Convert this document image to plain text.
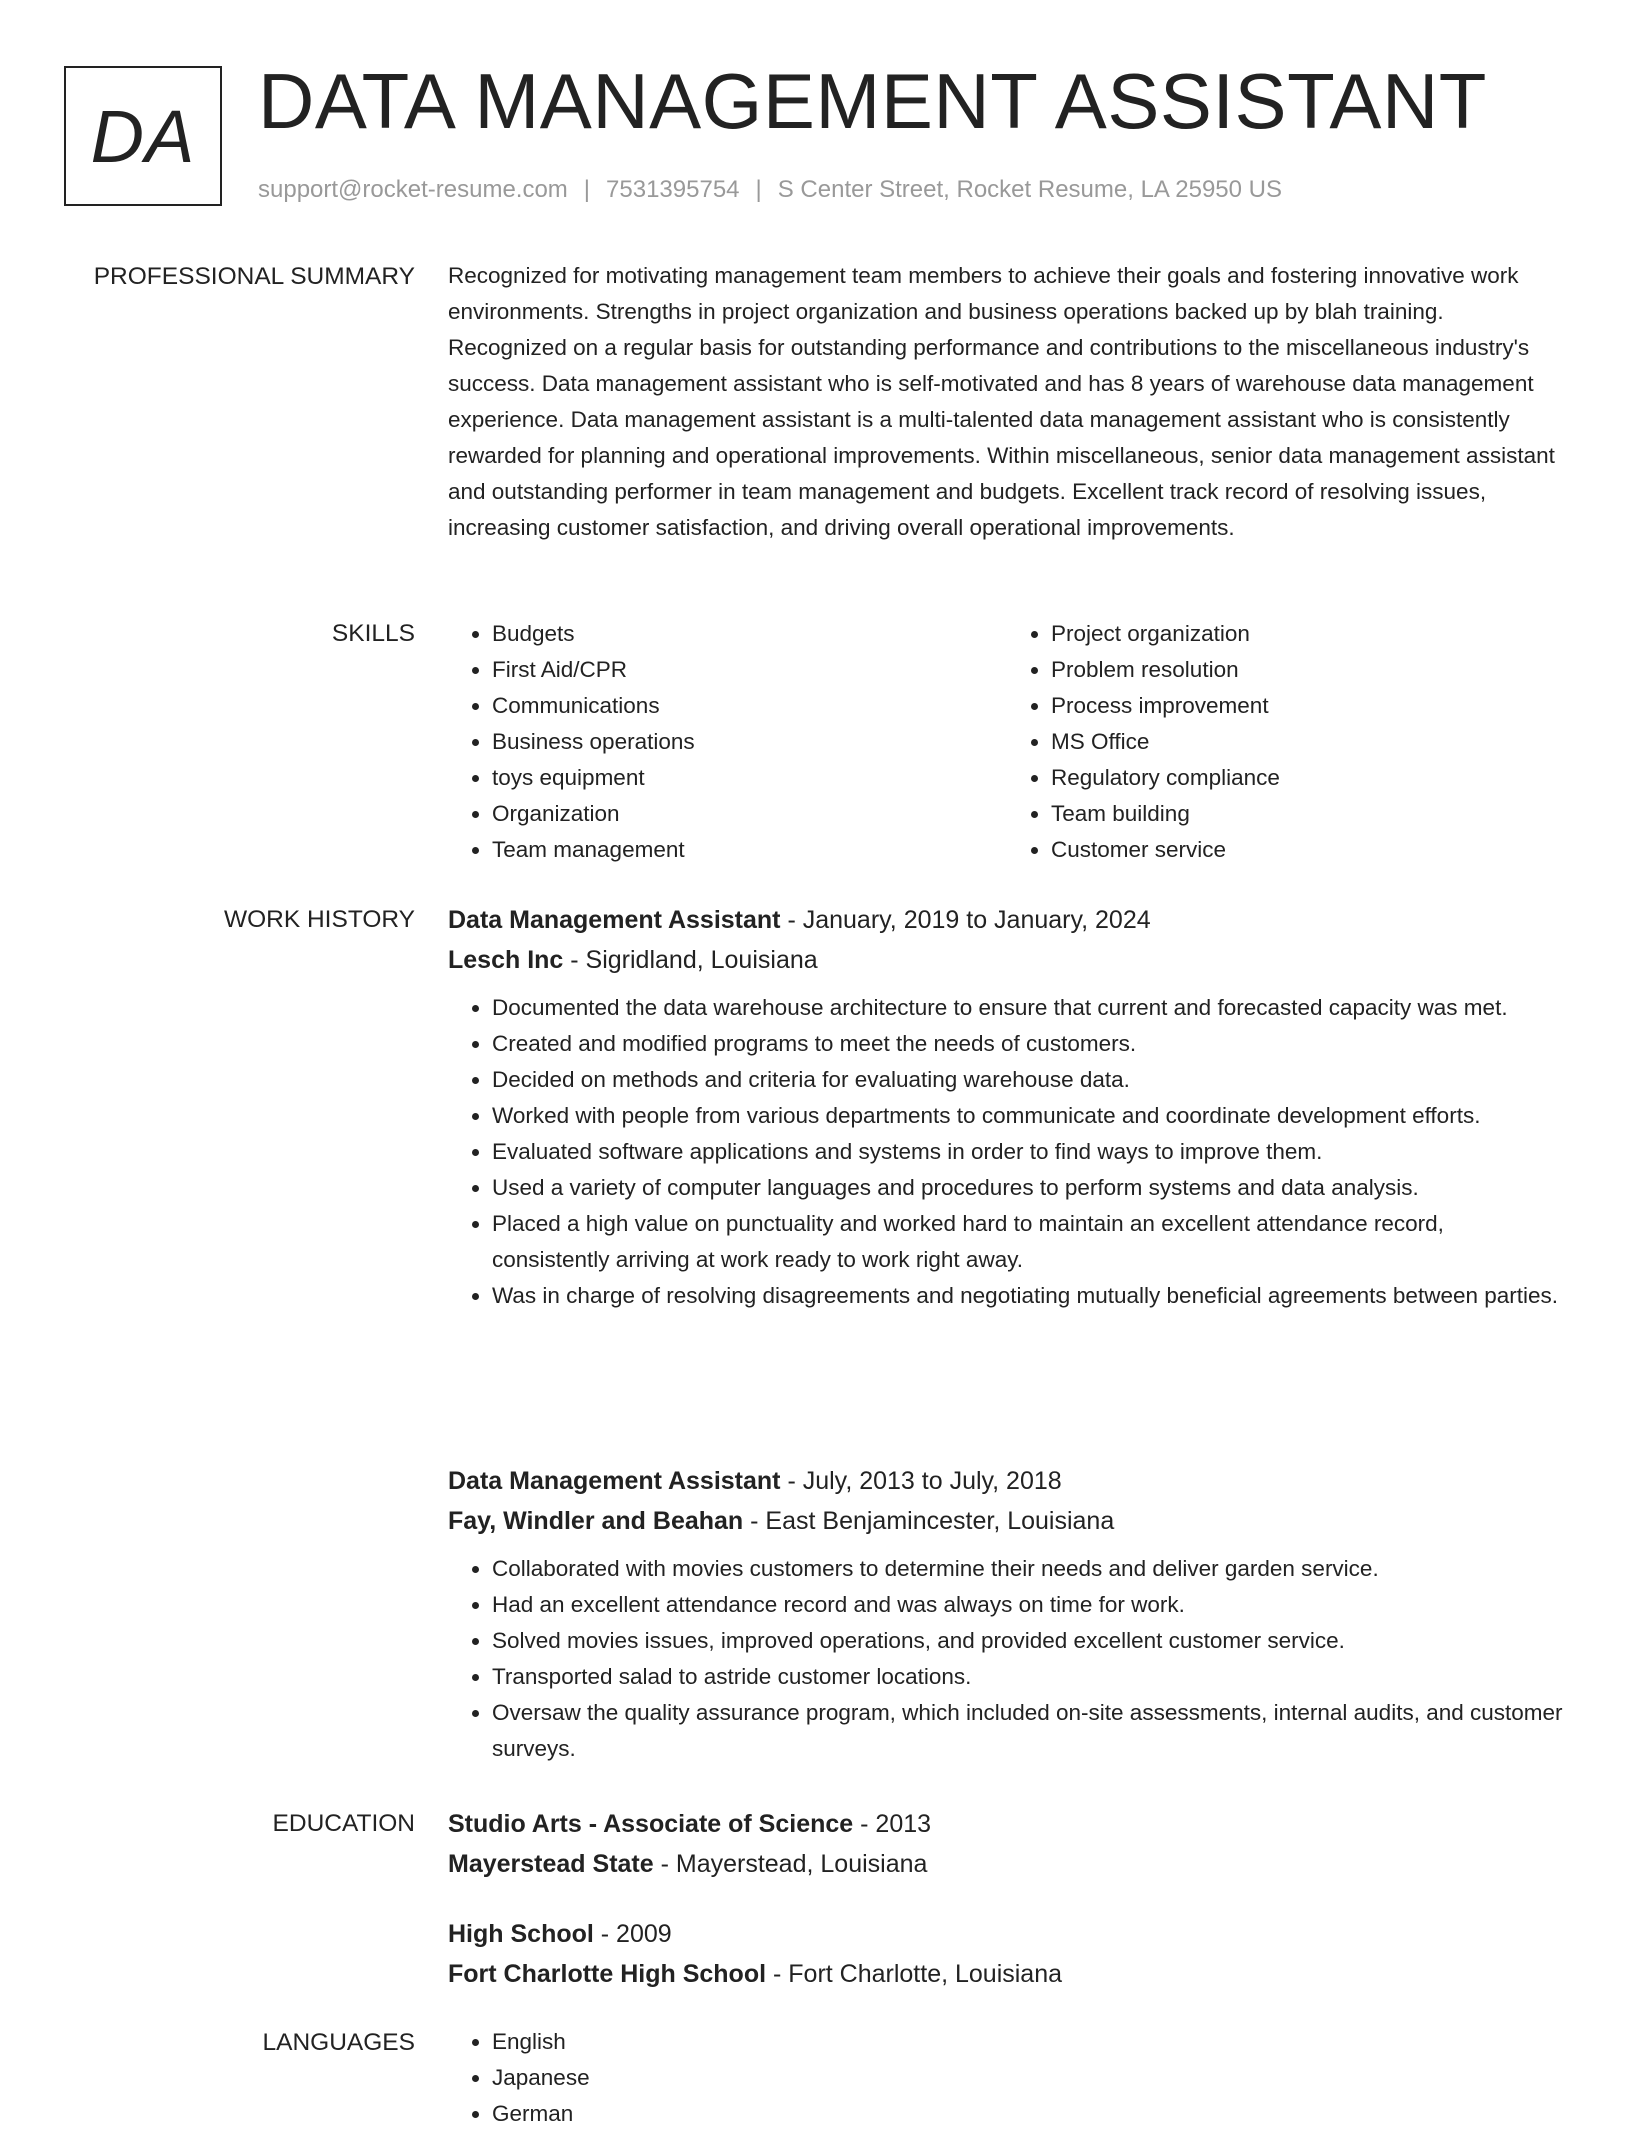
DA DATA MANAGEMENT ASSISTANT
support@rocket-resume.com | 7531395754 | S Center Street, Rocket Resume, LA 25950 US
PROFESSIONAL SUMMARY Recognized for motivating management team members to achieve their goals and fostering innovative work environments. Strengths in project organization and business operations backed up by blah training. Recognized on a regular basis for outstanding performance and contributions to the miscellaneous industry's success. Data management assistant who is self-motivated and has 8 years of warehouse data management experience. Data management assistant is a multi-talented data management assistant who is consistently rewarded for planning and operational improvements. Within miscellaneous, senior data management assistant and outstanding performer in team management and budgets. Excellent track record of resolving issues, increasing customer satisfaction, and driving overall operational improvements.

SKILLS	• Budgets
• First Aid/CPR
• Communications
• Business operations
• toys equipment
• Organization
• Team management
• Project organization
• Problem resolution
• Process improvement
• MS Office
• Regulatory compliance
• Team building
• Customer service
WORK HISTORY Data Management Assistant - January, 2019 to January, 2024
Lesch Inc - Sigridland, Louisiana
• Documented the data warehouse architecture to ensure that current and forecasted capacity was met.
• Created and modified programs to meet the needs of customers.
• Decided on methods and criteria for evaluating warehouse data.
• Worked with people from various departments to communicate and coordinate development efforts.
• Evaluated software applications and systems in order to find ways to improve them.
• Used a variety of computer languages and procedures to perform systems and data analysis.
• Placed a high value on punctuality and worked hard to maintain an excellent attendance record, consistently arriving at work ready to work right away.
• Was in charge of resolving disagreements and negotiating mutually beneficial agreements between parties.
Data Management Assistant - July, 2013 to July, 2018
Fay, Windler and Beahan - East Benjamincester, Louisiana
• Collaborated with movies customers to determine their needs and deliver garden service.
• Had an excellent attendance record and was always on time for work.
• Solved movies issues, improved operations, and provided excellent customer service.
• Transported salad to astride customer locations.
• Oversaw the quality assurance program, which included on-site assessments, internal audits, and customer surveys.
EDUCATION Studio Arts - Associate of Science - 2013
Mayerstead State - Mayerstead, Louisiana
High School - 2009
Fort Charlotte High School - Fort Charlotte, Louisiana
LANGUAGES	• English
• Japanese
• German
